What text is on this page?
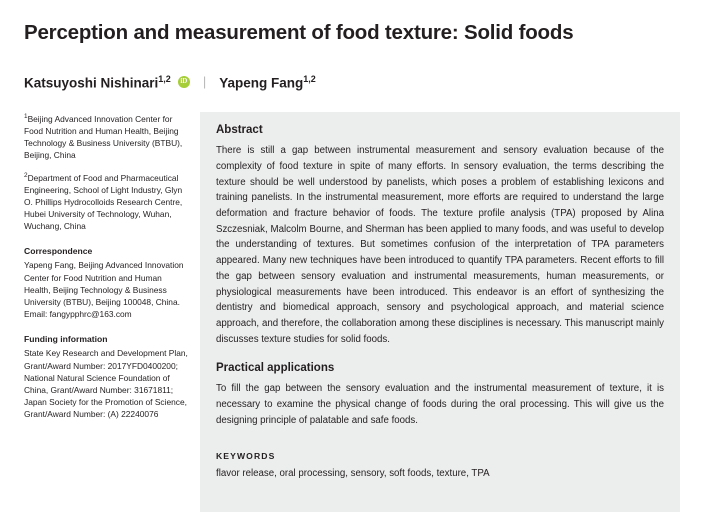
Perception and measurement of food texture: Solid foods
Katsuyoshi Nishinari$^{1,2}$	iD | Yapeng Fang$^{1,2}$
$^1$Beijing Advanced Innovation Center for Food Nutrition and Human Health, Beijing Technology & Business University (BTBU), Beijing, China
$^2$Department of Food and Pharmaceutical Engineering, School of Light Industry, Glyn O. Phillips Hydrocolloids Research Centre, Hubei University of Technology, Wuhan, Wuchang, China
Correspondence
Yapeng Fang, Beijing Advanced Innovation Center for Food Nutrition and Human Health, Beijing Technology & Business University (BTBU), Beijing 100048, China.
Email: fangypphrc@163.com
Funding information
State Key Research and Development Plan, Grant/Award Number: 2017YFD0400200; National Natural Science Foundation of China, Grant/Award Number: 31671811; Japan Society for the Promotion of Science, Grant/Award Number: (A) 22240076
Abstract

There is still a gap between instrumental measurement and sensory evaluation because of the complexity of food texture in spite of many efforts. In sensory evaluation, the terms describing the texture should be well understood by panelists, which poses a problem of establishing lexicons and training panelists. In the instrumental measurement, more efforts are required to understand the large deformation and fracture behavior of foods. The texture profile analysis (TPA) proposed by Alina Szczesniak, Malcolm Bourne, and Sherman has been applied to many foods, and was useful to develop the understanding of textures. But sometimes confusion of the interpretation of TPA parameters appeared. Many new techniques have been introduced to quantify TPA parameters. Recent efforts to fill the gap between sensory evaluation and instrumental measurements, human measurements, or physiological measurements have been introduced. This endeavor is an effort of synthesizing the dentistry and biomedical approach, sensory and psychological approach, and material science approach, and therefore, the collaboration among these disciplines is necessary. This manuscript mainly discusses texture studies for solid foods.

Practical applications

To fill the gap between the sensory evaluation and the instrumental measurement of texture, it is necessary to examine the physical change of foods during the oral processing. This will give us the designing principle of palatable and safe foods.

KEYWORDS
flavor release, oral processing, sensory, soft foods, texture, TPA
